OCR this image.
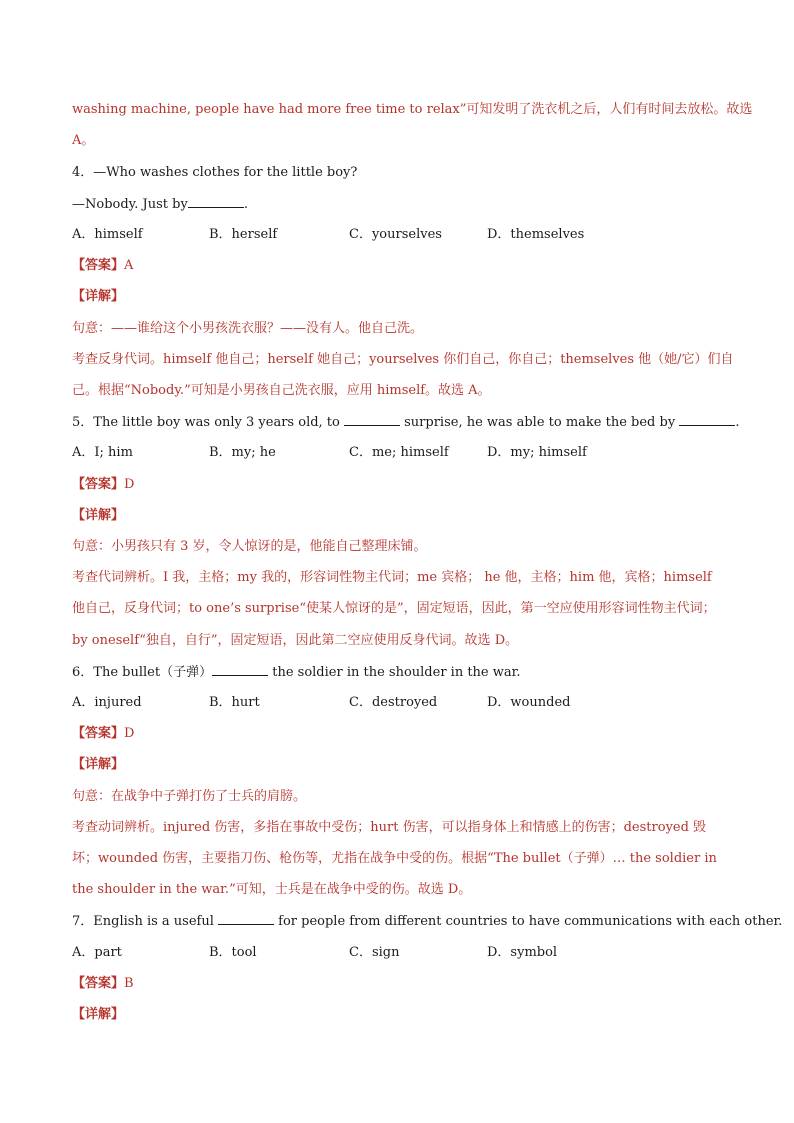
washing machine, people have had more free time to relax”可知发明了洗衣机之后，人们有时间去放松。故选
A。
4．—Who washes clothes for the little boy?
—Nobody. Just by	.
A．himself	B．herself	C．yourselves	D．themselves
【答案】A
【详解】
句意：——谁给这个小男孩洗衣服？——没有人。他自己洗。
考查反身代词。himself 他自己；herself 她自己；yourselves 你们自己，你自己；themselves 他（她/它）们自
己。根据“Nobody.”可知是小男孩自己洗衣服，应用 himself。故选 A。
5．The little boy was only 3 years old, to	surprise, he was able to make the bed by	.
A．I; him	B．my; he	C．me; himself	D．my; himself
【答案】D
【详解】
句意：小男孩只有 3 岁，令人惊讶的是，他能自己整理床铺。
考查代词辨析。I 我，主格；my 我的，形容词性物主代词；me 宾格； he 他，主格；him 他，宾格；himself
他自己，反身代词；to one’s surprise“使某人惊讶的是”，固定短语，因此，第一空应使用形容词性物主代词；
by oneself“独自，自行”，固定短语，因此第二空应使用反身代词。故选 D。
6．The bullet（子弹）	the soldier in the shoulder in the war.
A．injured	B．hurt	C．destroyed	D．wounded
【答案】D
【详解】
句意：在战争中子弹打伤了士兵的肩膀。
考查动词辨析。injured 伤害，多指在事故中受伤；hurt 伤害，可以指身体上和情感上的伤害；destroyed 毁
坏；wounded 伤害，主要指刀伤、枪伤等，尤指在战争中受的伤。根据“The bullet（子弹）… the soldier in
the shoulder in the war.”可知，士兵是在战争中受的伤。故选 D。
7．English is a useful	for people from different countries to have communications with each other.
A．part	B．tool	C．sign	D．symbol
【答案】B
【详解】
